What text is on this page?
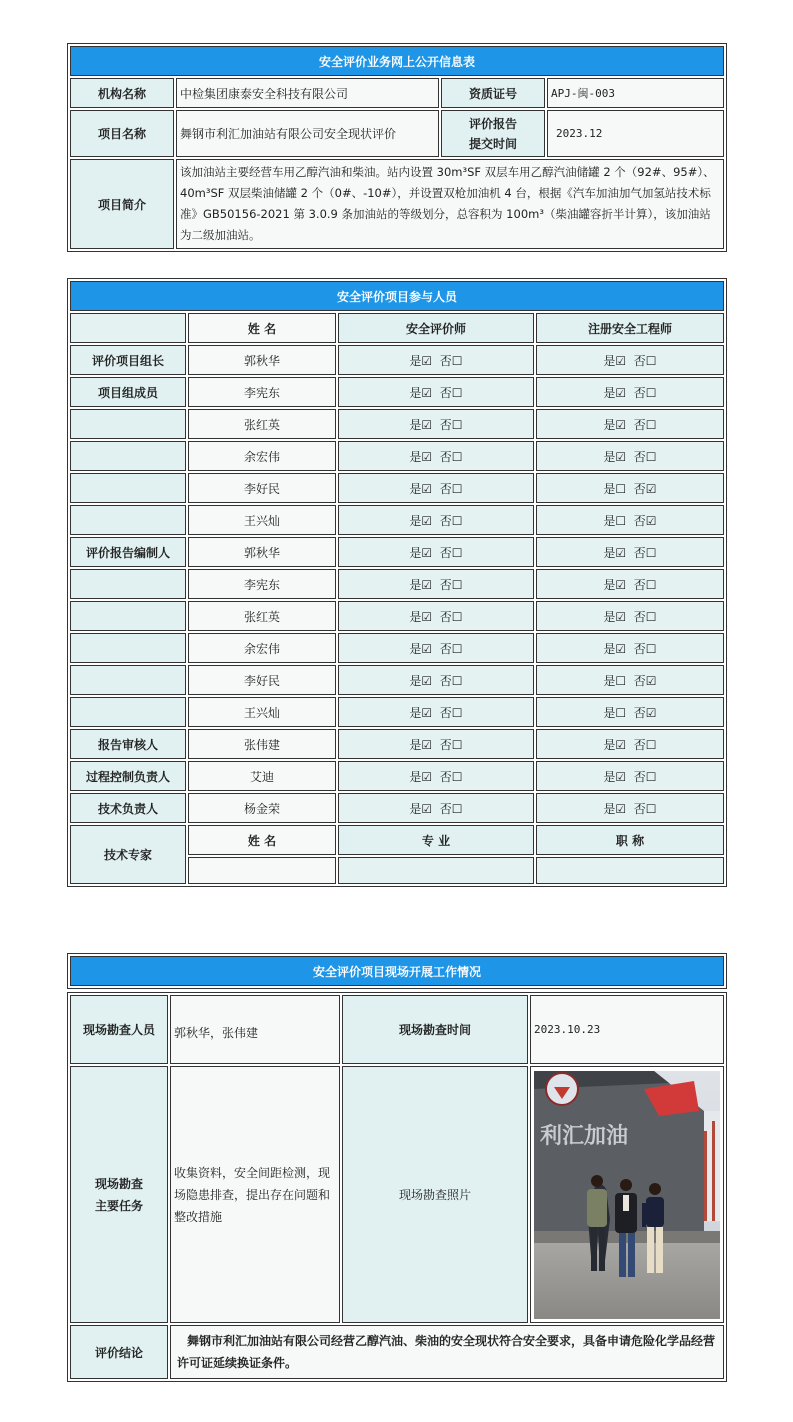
安全评价业务网上公开信息表			
机构名称	中检集团康泰安全科技有限公司	资质证号	APJ-闽-003
项目名称	舞钢市利汇加油站有限公司安全现状评价	评价报告
提交时间	2023.12
项目简介	该加油站主要经营车用乙醇汽油和柴油。站内设置 30m³SF 双层车用乙醇汽油储罐 2 个（92#、95#）、40m³SF 双层柴油储罐 2 个（0#、-10#），并设置双枪加油机 4 台，根据《汽车加油加气加氢站技术标准》GB50156-2021 第 3.0.9 条加油站的等级划分，总容积为 100m³（柴油罐容折半计算），该加油站为二级加油站。		
安全评价项目参与人员			
	姓 名	安全评价师	注册安全工程师
评价项目组长	郭秋华	是☑  否☐	是☑  否☐
项目组成员	李宪东	是☑  否☐	是☑  否☐
	张红英	是☑  否☐	是☑  否☐
	余宏伟	是☑  否☐	是☑  否☐
	李好民	是☑  否☐	是☐  否☑
	王兴灿	是☑  否☐	是☐  否☑
评价报告编制人	郭秋华	是☑  否☐	是☑  否☐
	李宪东	是☑  否☐	是☑  否☐
	张红英	是☑  否☐	是☑  否☐
	余宏伟	是☑  否☐	是☑  否☐
	李好民	是☑  否☐	是☐  否☑
	王兴灿	是☑  否☐	是☐  否☑
报告审核人	张伟建	是☑  否☐	是☑  否☐
过程控制负责人	艾迪	是☑  否☐	是☑  否☐
技术负责人	杨金荣	是☑  否☐	是☑  否☐
技术专家	姓 名	专 业	职 称

安全评价项目现场开展工作情况
现场勘查人员	郭秋华，张伟建	现场勘查时间	2023.10.23

现场勘查
主要任务	收集资料，安全间距检测，现场隐患排查，提出存在问题和整改措施	现场勘查照片	利汇加油

评价结论	舞钢市利汇加油站有限公司经营乙醇汽油、柴油的安全现状符合安全要求，具备申请危险化学品经营许可证延续换证条件。		
